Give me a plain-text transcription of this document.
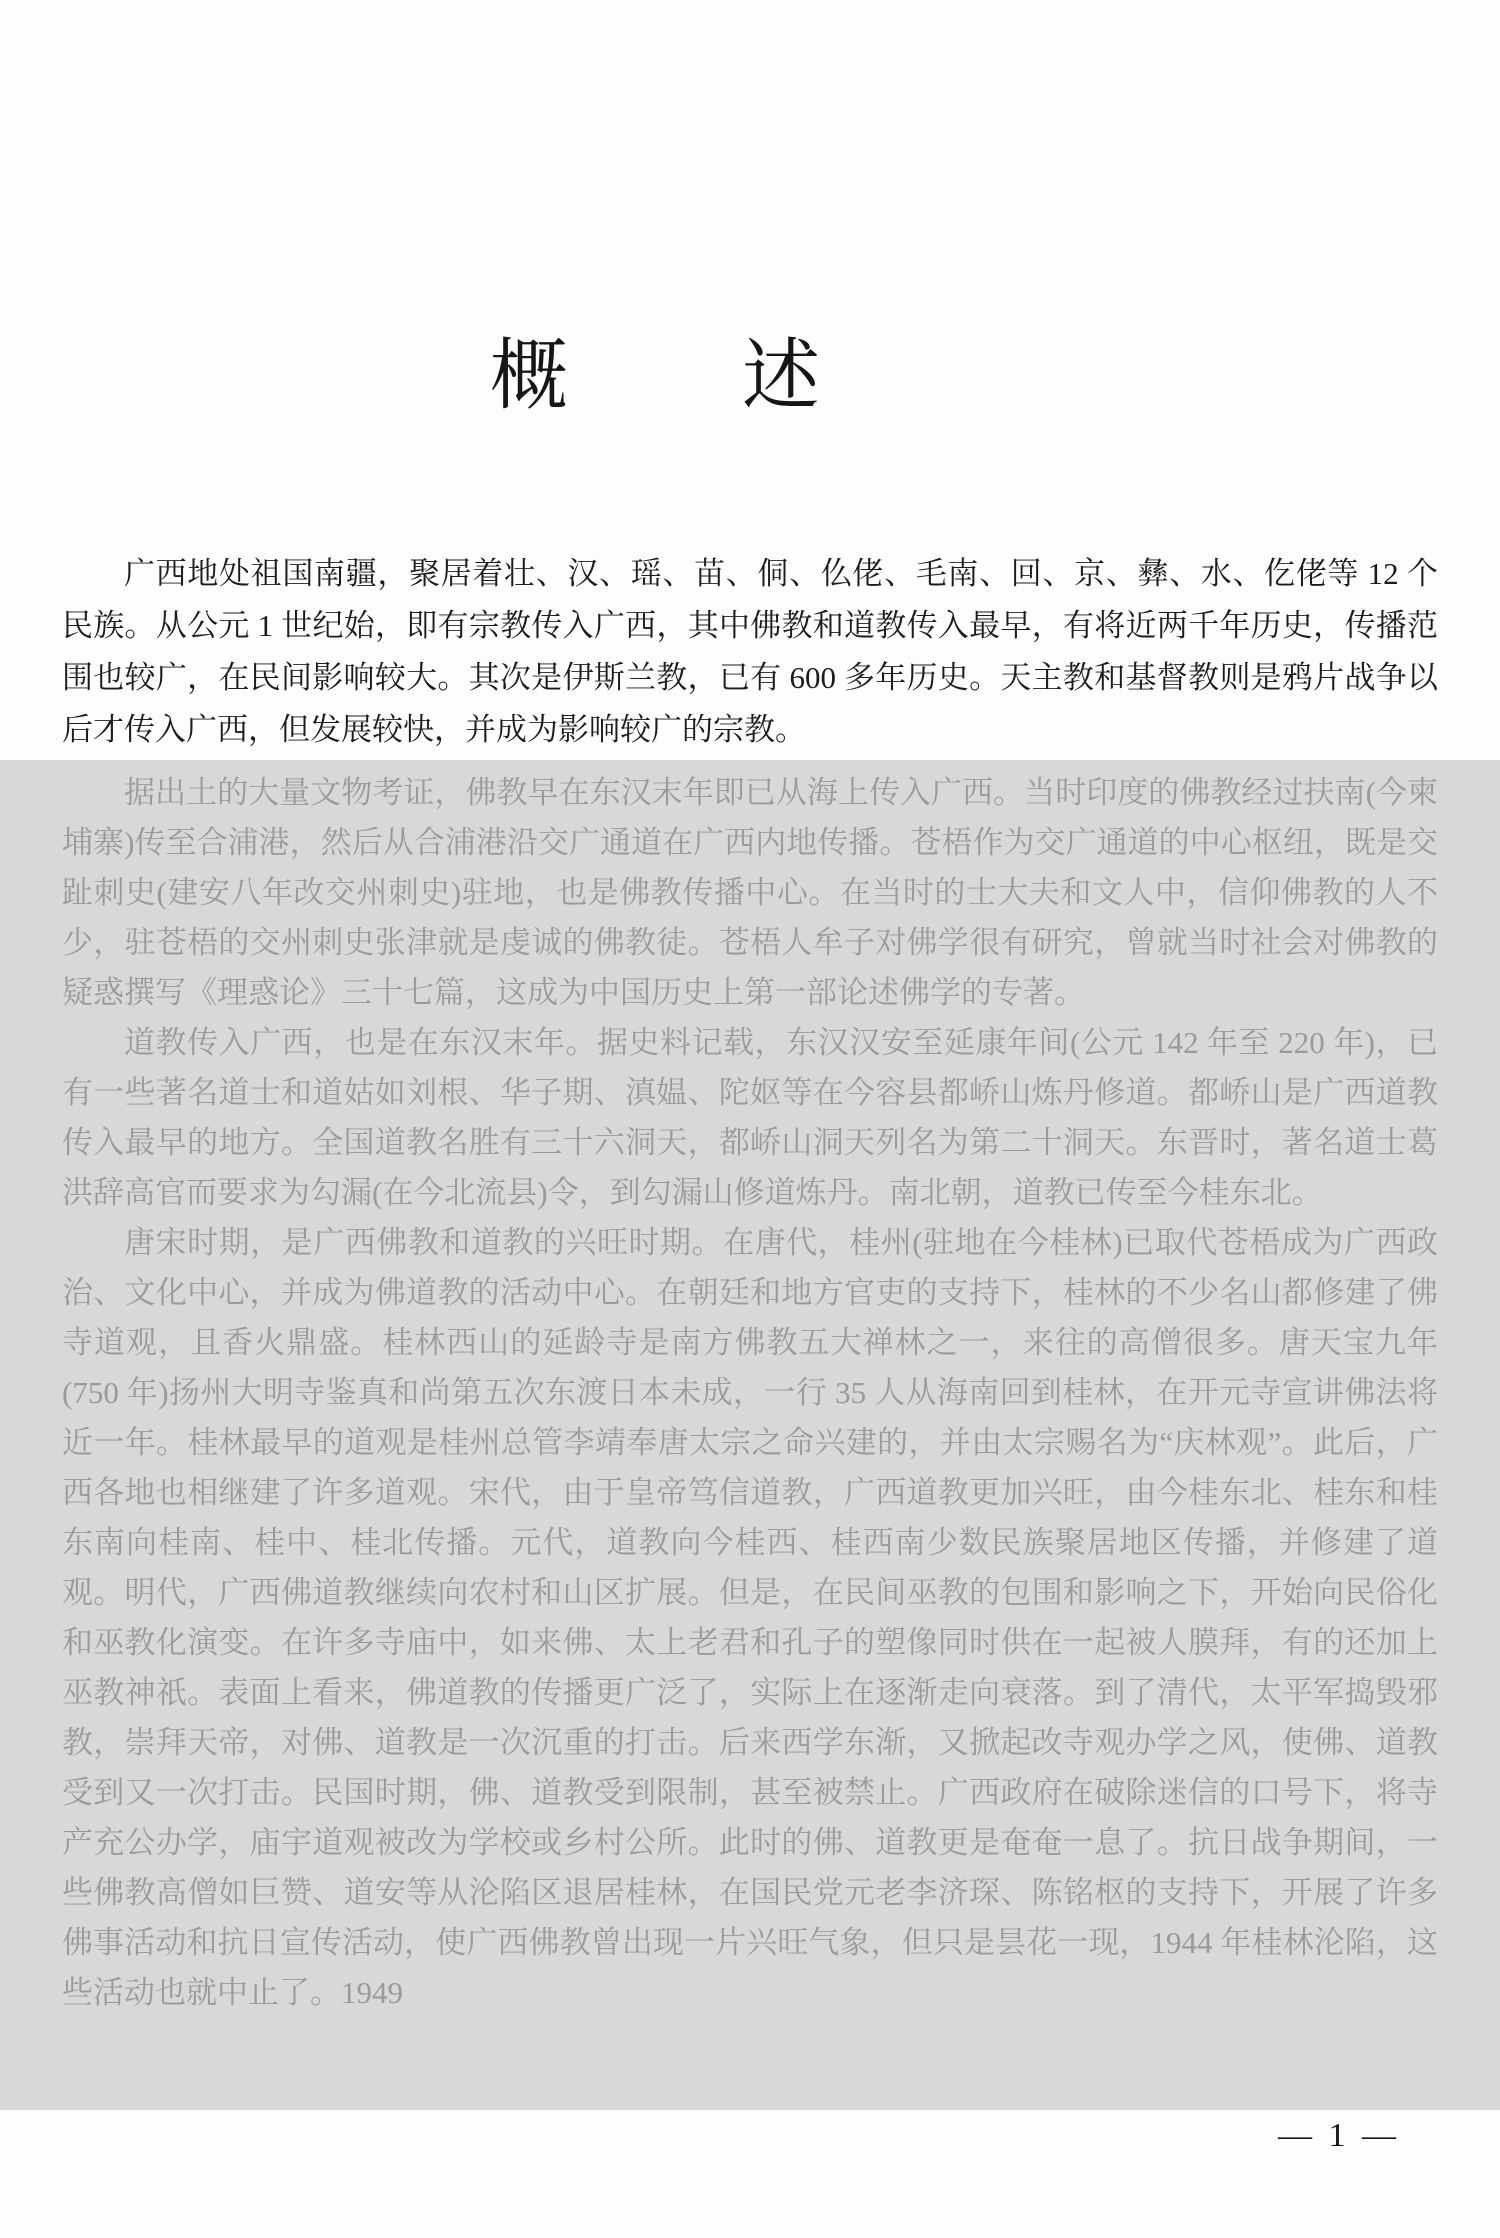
概　　述

广西地处祖国南疆，聚居着壮、汉、瑶、苗、侗、仫佬、毛南、回、京、彝、水、仡佬等 12 个民族。从公元 1 世纪始，即有宗教传入广西，其中佛教和道教传入最早，有将近两千年历史，传播范围也较广，在民间影响较大。其次是伊斯兰教，已有 600 多年历史。天主教和基督教则是鸦片战争以后才传入广西，但发展较快，并成为影响较广的宗教。

据出土的大量文物考证，佛教早在东汉末年即已从海上传入广西。当时印度的佛教经过扶南(今柬埔寨)传至合浦港，然后从合浦港沿交广通道在广西内地传播。苍梧作为交广通道的中心枢纽，既是交趾刺史(建安八年改交州刺史)驻地，也是佛教传播中心。在当时的士大夫和文人中，信仰佛教的人不少，驻苍梧的交州刺史张津就是虔诚的佛教徒。苍梧人牟子对佛学很有研究，曾就当时社会对佛教的疑惑撰写《理惑论》三十七篇，这成为中国历史上第一部论述佛学的专著。

道教传入广西，也是在东汉末年。据史料记载，东汉汉安至延康年间(公元 142 年至 220 年)，已有一些著名道士和道姑如刘根、华子期、滇媪、陀妪等在今容县都峤山炼丹修道。都峤山是广西道教传入最早的地方。全国道教名胜有三十六洞天，都峤山洞天列名为第二十洞天。东晋时，著名道士葛洪辞高官而要求为勾漏(在今北流县)令，到勾漏山修道炼丹。南北朝，道教已传至今桂东北。

唐宋时期，是广西佛教和道教的兴旺时期。在唐代，桂州(驻地在今桂林)已取代苍梧成为广西政治、文化中心，并成为佛道教的活动中心。在朝廷和地方官吏的支持下，桂林的不少名山都修建了佛寺道观，且香火鼎盛。桂林西山的延龄寺是南方佛教五大禅林之一，来往的高僧很多。唐天宝九年(750 年)扬州大明寺鉴真和尚第五次东渡日本未成，一行 35 人从海南回到桂林，在开元寺宣讲佛法将近一年。桂林最早的道观是桂州总管李靖奉唐太宗之命兴建的，并由太宗赐名为“庆林观”。此后，广西各地也相继建了许多道观。宋代，由于皇帝笃信道教，广西道教更加兴旺，由今桂东北、桂东和桂东南向桂南、桂中、桂北传播。元代，道教向今桂西、桂西南少数民族聚居地区传播，并修建了道观。明代，广西佛道教继续向农村和山区扩展。但是，在民间巫教的包围和影响之下，开始向民俗化和巫教化演变。在许多寺庙中，如来佛、太上老君和孔子的塑像同时供在一起被人膜拜，有的还加上巫教神祇。表面上看来，佛道教的传播更广泛了，实际上在逐渐走向衰落。到了清代，太平军捣毁邪教，崇拜天帝，对佛、道教是一次沉重的打击。后来西学东渐，又掀起改寺观办学之风，使佛、道教受到又一次打击。民国时期，佛、道教受到限制，甚至被禁止。广西政府在破除迷信的口号下，将寺产充公办学，庙宇道观被改为学校或乡村公所。此时的佛、道教更是奄奄一息了。抗日战争期间，一些佛教高僧如巨赞、道安等从沦陷区退居桂林，在国民党元老李济琛、陈铭枢的支持下，开展了许多佛事活动和抗日宣传活动，使广西佛教曾出现一片兴旺气象，但只是昙花一现，1944 年桂林沦陷，这些活动也就中止了。1949

— 1 —
